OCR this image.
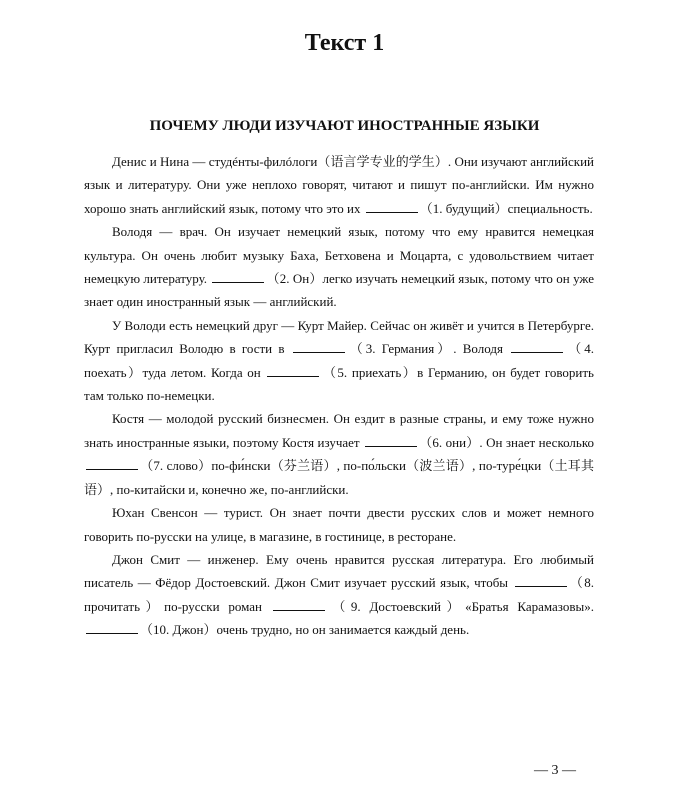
Текст 1
ПОЧЕМУ ЛЮДИ ИЗУЧАЮТ ИНОСТРАННЫЕ ЯЗЫКИ

Денис и Нина — студéнты-филóлоги（语言学专业的学生）. Они изучают английский язык и литературу. Они уже неплохо говорят, читают и пишут по-английски. Им нужно хорошо знать английский язык, потому что это их	（1. будущий）специальность.

Володя — врач. Он изучает немецкий язык, потому что ему нравится немецкая культура. Он очень любит музыку Баха, Бетховена и Моцарта, с удовольствием читает немецкую литературу.	（2. Он）легко изучать немецкий язык, потому что он уже знает один иностранный язык — английский.

У Володи есть немецкий друг — Курт Майер. Сейчас он живёт и учится в Петербурге. Курт пригласил Володю в гости в	（3. Германия）. Володя	（4. поехать）туда летом. Когда он	（5. приехать）в Германию, он будет говорить там только по-немецки.

Костя — молодой русский бизнесмен. Он ездит в разные страны, и ему тоже нужно знать иностранные языки, поэтому Костя изучает	（6. они）. Он знает несколько （7. слово）по-фи́нски（芬兰语）, по-по́льски（波兰语）, по-туре́цки（土耳其语）, по-китайски и, конечно же, по-английски.

Юхан Свенсон — турист. Он знает почти двести русских слов и может немного говорить по-русски на улице, в магазине, в гостинице, в ресторане.

Джон Смит — инженер. Ему очень нравится русская литература. Его любимый писатель — Фёдор Достоевский. Джон Смит изучает русский язык, чтобы	（8. прочитать）по-русски роман	（9. Достоевский）«Братья Карамазовы». （10. Джон）очень трудно, но он занимается каждый день.

— 3 —
